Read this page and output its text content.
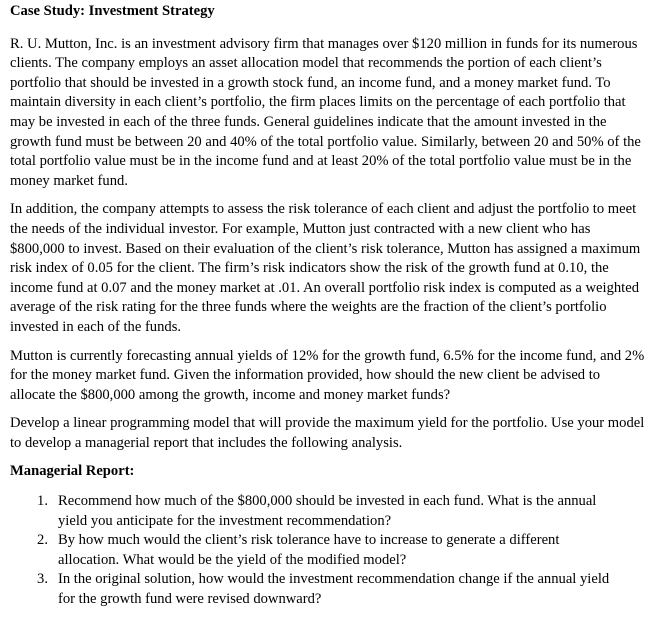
Case Study: Investment Strategy

R. U. Mutton, Inc. is an investment advisory firm that manages over $120 million in funds for its numerous clients. The company employs an asset allocation model that recommends the portion of each client’s portfolio that should be invested in a growth stock fund, an income fund, and a money market fund. To maintain diversity in each client’s portfolio, the firm places limits on the percentage of each portfolio that may be invested in each of the three funds. General guidelines indicate that the amount invested in the growth fund must be between 20 and 40% of the total portfolio value. Similarly, between 20 and 50% of the total portfolio value must be in the income fund and at least 20% of the total portfolio value must be in the money market fund.

In addition, the company attempts to assess the risk tolerance of each client and adjust the portfolio to meet the needs of the individual investor. For example, Mutton just contracted with a new client who has $800,000 to invest. Based on their evaluation of the client’s risk tolerance, Mutton has assigned a maximum risk index of 0.05 for the client. The firm’s risk indicators show the risk of the growth fund at 0.10, the income fund at 0.07 and the money market at .01. An overall portfolio risk index is computed as a weighted average of the risk rating for the three funds where the weights are the fraction of the client’s portfolio invested in each of the funds.

Mutton is currently forecasting annual yields of 12% for the growth fund, 6.5% for the income fund, and 2% for the money market fund. Given the information provided, how should the new client be advised to allocate the $800,000 among the growth, income and money market funds?

Develop a linear programming model that will provide the maximum yield for the portfolio. Use your model to develop a managerial report that includes the following analysis.

Managerial Report:
1. Recommend how much of the $800,000 should be invested in each fund. What is the annual yield you anticipate for the investment recommendation?
2. By how much would the client’s risk tolerance have to increase to generate a different allocation. What would be the yield of the modified model?
3. In the original solution, how would the investment recommendation change if the annual yield for the growth fund were revised downward?
